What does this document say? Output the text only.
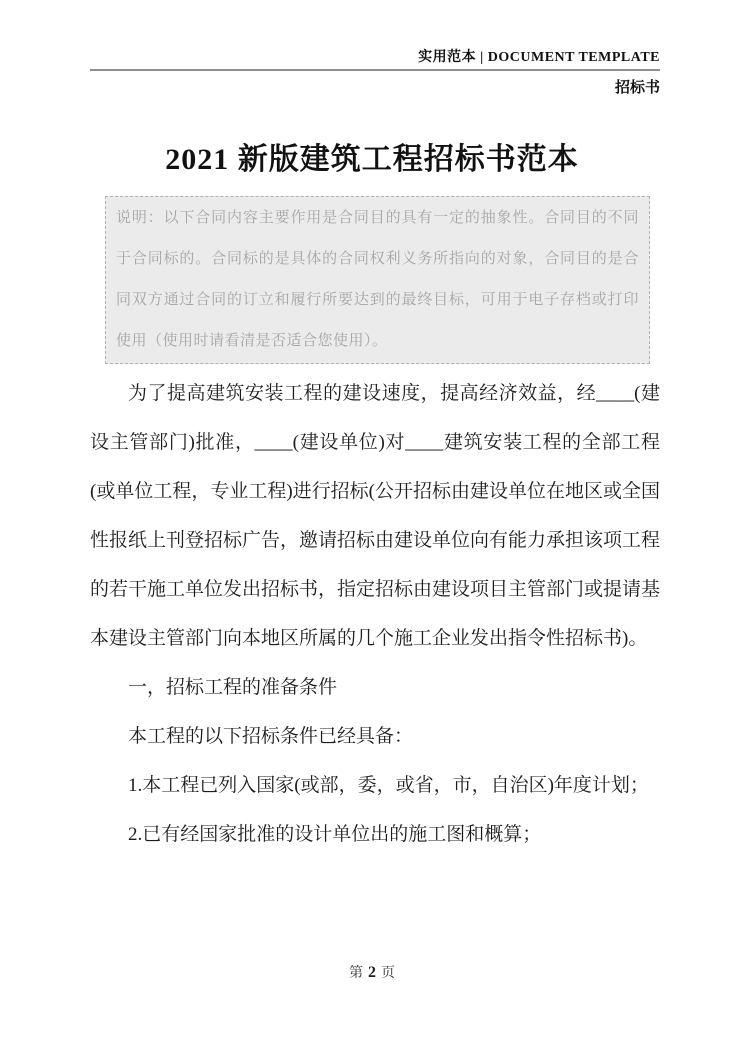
实用范本 | DOCUMENT TEMPLATE
招标书
2021 新版建筑工程招标书范本

说明：以下合同内容主要作用是合同目的具有一定的抽象性。合同目的不同于合同标的。合同标的是具体的合同权利义务所指向的对象，合同目的是合同双方通过合同的订立和履行所要达到的最终目标，可用于电子存档或打印使用（使用时请看清是否适合您使用）。

为了提高建筑安装工程的建设速度，提高经济效益，经____(建设主管部门)批准，____(建设单位)对____建筑安装工程的全部工程(或单位工程，专业工程)进行招标(公开招标由建设单位在地区或全国性报纸上刊登招标广告，邀请招标由建设单位向有能力承担该项工程的若干施工单位发出招标书，指定招标由建设项目主管部门或提请基本建设主管部门向本地区所属的几个施工企业发出指令性招标书)。

一，招标工程的准备条件

本工程的以下招标条件已经具备：

1.本工程已列入国家(或部，委，或省，市，自治区)年度计划；

2.已有经国家批准的设计单位出的施工图和概算；

第 2 页
